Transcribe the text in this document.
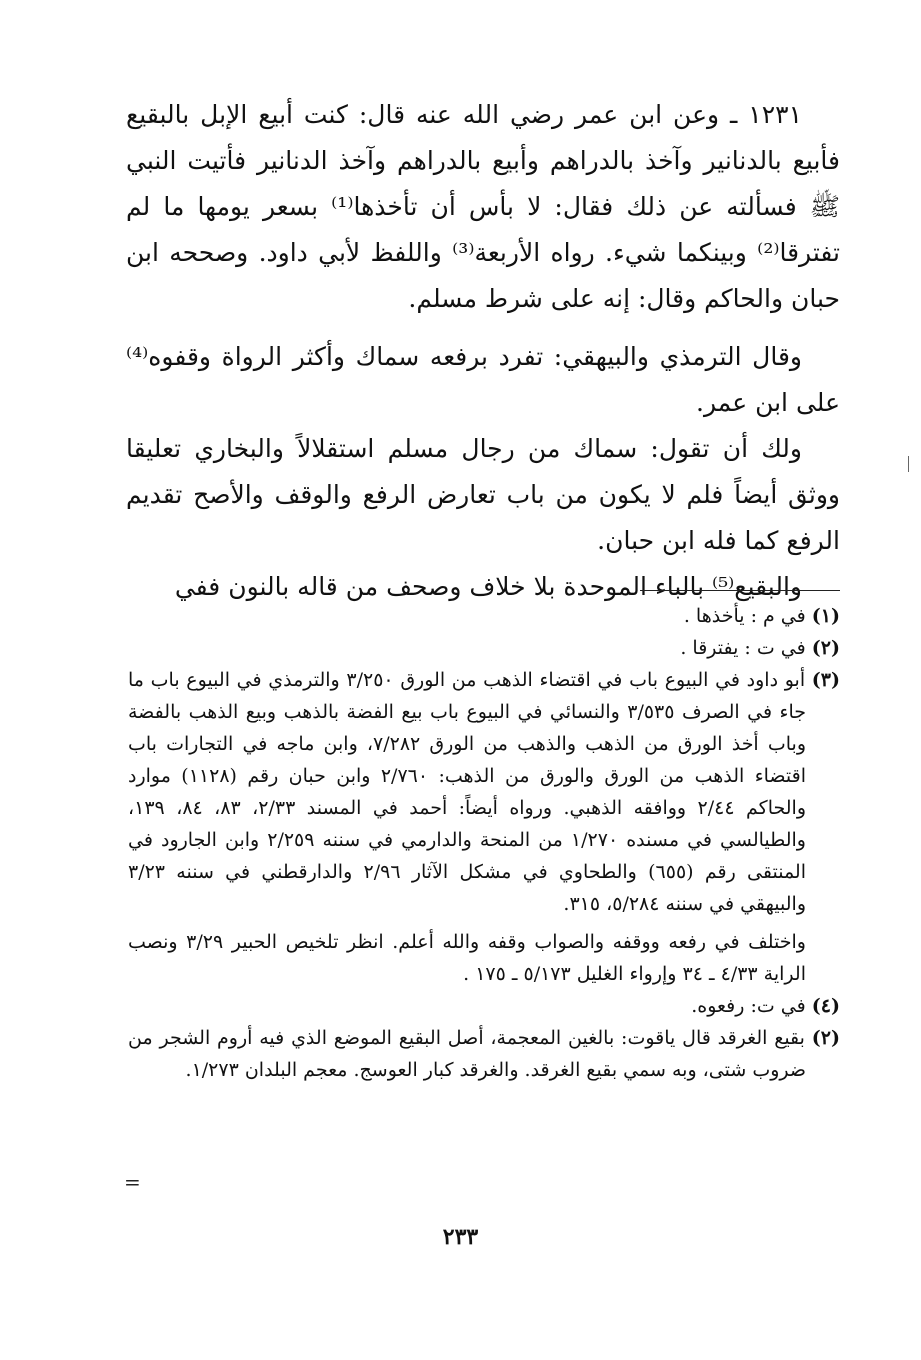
١٢٣١ ـ وعن ابن عمر رضي الله عنه قال: كنت أبيع الإبل بالبقيع فأبيع بالدنانير وآخذ بالدراهم وأبيع بالدراهم وآخذ الدنانير فأتيت النبي ﷺ فسألته عن ذلك فقال: لا بأس أن تأخذها⁽¹⁾ بسعر يومها ما لم تفترقا⁽²⁾ وبينكما شيء. رواه الأربعة⁽³⁾ واللفظ لأبي داود. وصححه ابن حبان والحاكم وقال: إنه على شرط مسلم.

وقال الترمذي والبيهقي: تفرد برفعه سماك وأكثر الرواة وقفوه⁽⁴⁾ على ابن عمر.

ولك أن تقول: سماك من رجال مسلم استقلالاً والبخاري تعليقا ووثق أيضاً فلم لا يكون من باب تعارض الرفع والوقف والأصح تقديم الرفع كما فله ابن حبان.

والبقيع⁽⁵⁾ بالباء الموحدة بلا خلاف وصحف من قاله بالنون ففي

(١) في م : يأخذها .

(٢) في ت : يفترقا .

(٣) أبو داود في البيوع باب في اقتضاء الذهب من الورق ٣/٢٥٠ والترمذي في البيوع باب ما جاء في الصرف ٣/٥٣٥ والنسائي في البيوع باب بيع الفضة بالذهب وبيع الذهب بالفضة وباب أخذ الورق من الذهب والذهب من الورق ٧/٢٨٢، وابن ماجه في التجارات باب اقتضاء الذهب من الورق والورق من الذهب: ٢/٧٦٠ وابن حبان رقم (١١٢٨) موارد والحاكم ٢/٤٤ ووافقه الذهبي. ورواه أيضاً: أحمد في المسند ٢/٣٣، ٨٣، ٨٤، ١٣٩، والطيالسي في مسنده ١/٢٧٠ من المنحة والدارمي في سننه ٢/٢٥٩ وابن الجارود في المنتقى رقم (٦٥٥) والطحاوي في مشكل الآثار ٢/٩٦ والدارقطني في سننه ٣/٢٣ والبيهقي في سننه ٥/٢٨٤، ٣١٥.

واختلف في رفعه ووقفه والصواب وقفه والله أعلم. انظر تلخيص الحبير ٣/٢٩ ونصب الراية ٤/٣٣ ـ ٣٤ وإرواء الغليل ٥/١٧٣ ـ ١٧٥ .

(٤) في ت: رفعوه.

(٢) بقيع الغرقد قال ياقوت: بالغين المعجمة، أصل البقيع الموضع الذي فيه أروم الشجر من ضروب شتى، وبه سمي بقيع الغرقد. والغرقد كبار العوسج. معجم البلدان ١/٢٧٣.

=
٢٣٣
